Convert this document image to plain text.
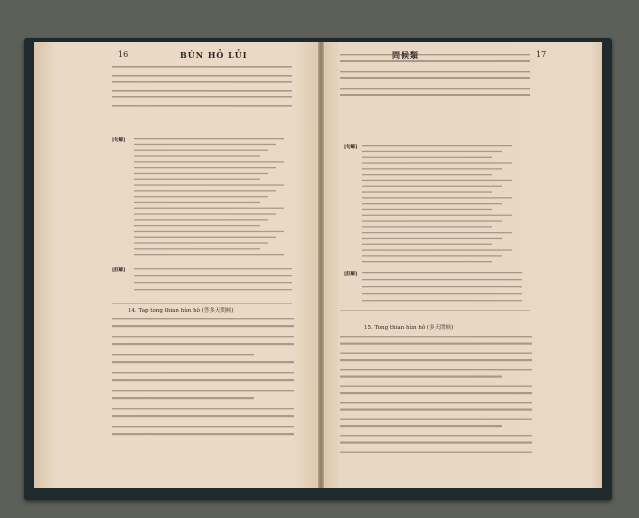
16	BÚN HỎ LỦI	問候類	17
[句解]
[註解]
[句解]
[註解]
14. Tap tong thian hùn hô (答多天問候)
15. Tong thian hùn hô (多天問候)
